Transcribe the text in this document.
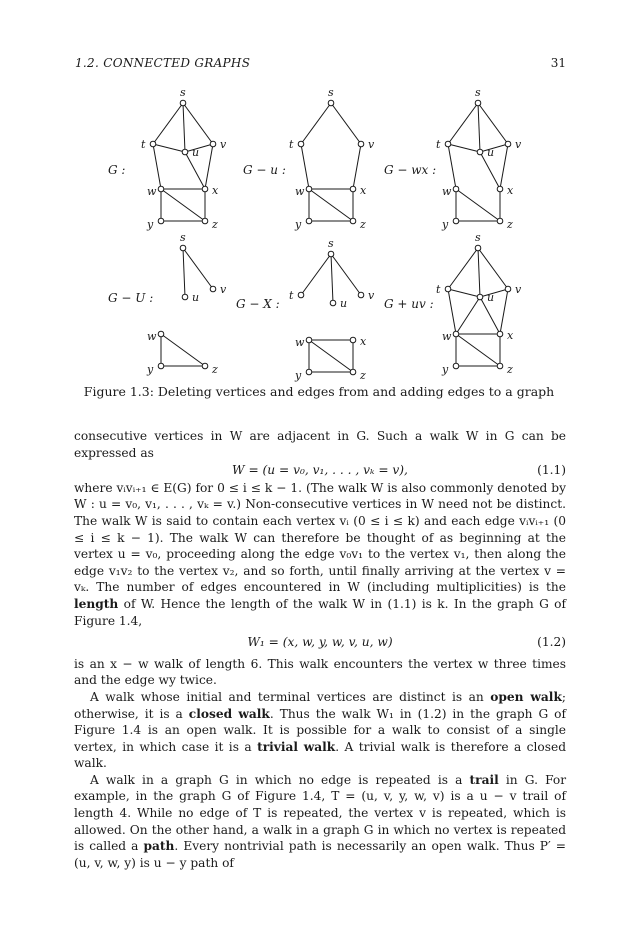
1.2. CONNECTED GRAPHS	31
s
t
u
v
w	x
y	z
G :
s
t	v
w	x
y	z
G − u :
s
t
u
v
w	x
y	z
G − wx :
s
u
v
w
y	z
G − U :
s
t
u
v
w	x
y	z
G − X :
s
t
u
v
w	x
y	z
G + uv :
Figure 1.3: Deleting vertices and edges from and adding edges to a graph

consecutive vertices in W are adjacent in G. Such a walk W in G can be expressed as

W = (u = v₀, v₁, . . . , vₖ = v),	(1.1)

where vᵢvᵢ₊₁ ∈ E(G) for 0 ≤ i ≤ k − 1. (The walk W is also commonly denoted by W : u = v₀, v₁, . . . , vₖ = v.) Non-consecutive vertices in W need not be distinct. The walk W is said to contain each vertex vᵢ (0 ≤ i ≤ k) and each edge vᵢvᵢ₊₁ (0 ≤ i ≤ k − 1). The walk W can therefore be thought of as beginning at the vertex u = v₀, proceeding along the edge v₀v₁ to the vertex v₁, then along the edge v₁v₂ to the vertex v₂, and so forth, until finally arriving at the vertex v = vₖ. The number of edges encountered in W (including multiplicities) is the length of W. Hence the length of the walk W in (1.1) is k. In the graph G of Figure 1.4,

W₁ = (x, w, y, w, v, u, w)	(1.2)

is an x − w walk of length 6. This walk encounters the vertex w three times and the edge wy twice.

A walk whose initial and terminal vertices are distinct is an open walk; otherwise, it is a closed walk. Thus the walk W₁ in (1.2) in the graph G of Figure 1.4 is an open walk. It is possible for a walk to consist of a single vertex, in which case it is a trivial walk. A trivial walk is therefore a closed walk.

A walk in a graph G in which no edge is repeated is a trail in G. For example, in the graph G of Figure 1.4, T = (u, v, y, w, v) is a u − v trail of length 4. While no edge of T is repeated, the vertex v is repeated, which is allowed. On the other hand, a walk in a graph G in which no vertex is repeated is called a path. Every nontrivial path is necessarily an open walk. Thus P′ = (u, v, w, y) is u − y path of
